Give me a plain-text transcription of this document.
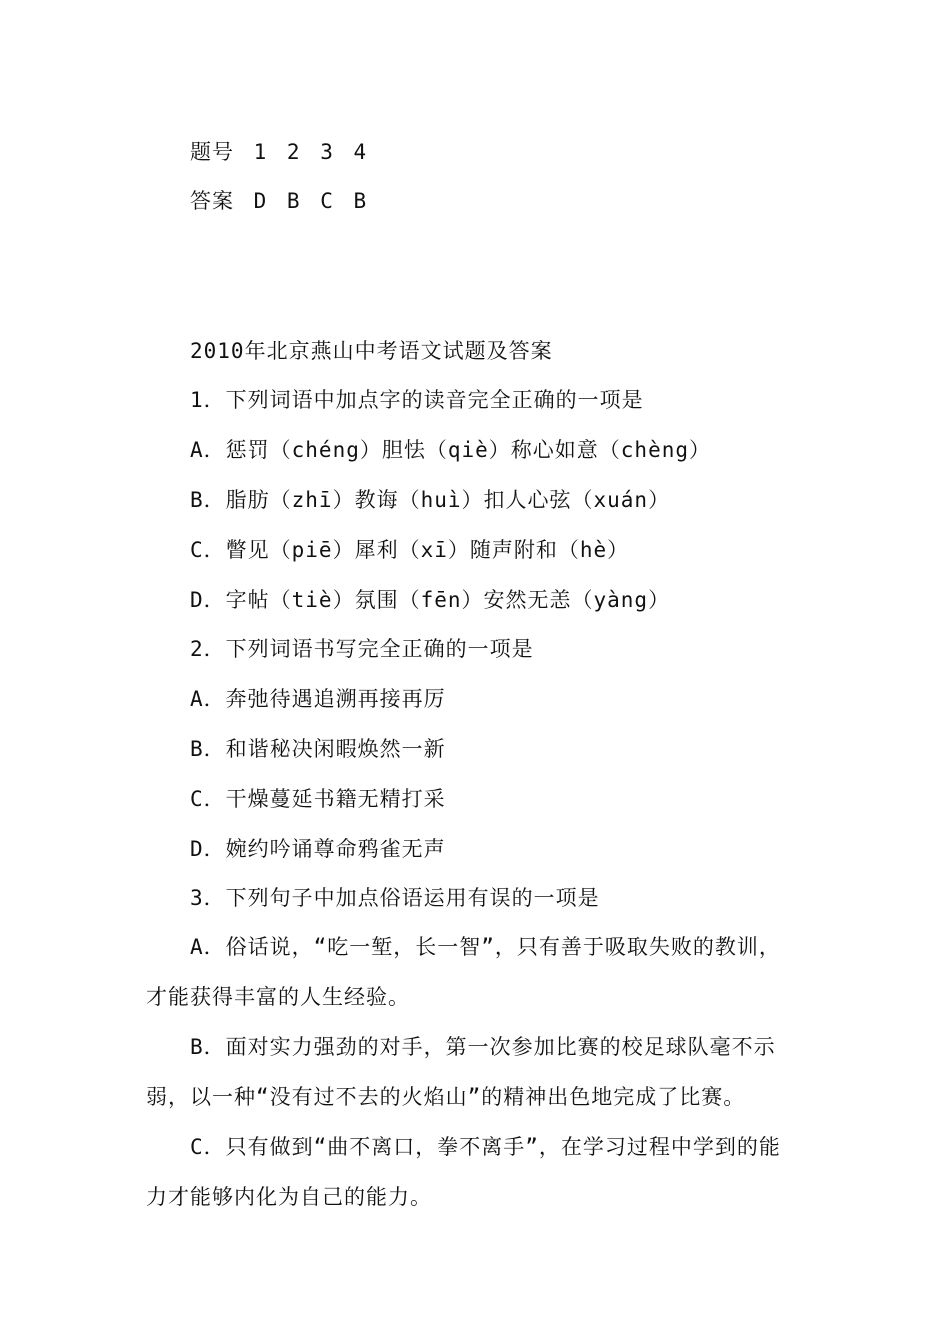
题号 1 2 3 4
答案 D B C B
2010年北京燕山中考语文试题及答案
1．下列词语中加点字的读音完全正确的一项是
A．惩罚（chéng）胆怯（qiè）称心如意（chèng）
B．脂肪（zhī）教诲（huì）扣人心弦（xuán）
C．瞥见（piē）犀利（xī）随声附和（hè）
D．字帖（tiè）氛围（fēn）安然无恙（yàng）
2．下列词语书写完全正确的一项是
A．奔弛待遇追溯再接再厉
B．和谐秘决闲暇焕然一新
C．干燥蔓延书籍无精打采
D．婉约吟诵尊命鸦雀无声
3．下列句子中加点俗语运用有误的一项是
A．俗话说，“吃一堑，长一智”，只有善于吸取失败的教训，
才能获得丰富的人生经验。
B．面对实力强劲的对手，第一次参加比赛的校足球队毫不示
弱，以一种“没有过不去的火焰山”的精神出色地完成了比赛。
C．只有做到“曲不离口，拳不离手”，在学习过程中学到的能
力才能够内化为自己的能力。
